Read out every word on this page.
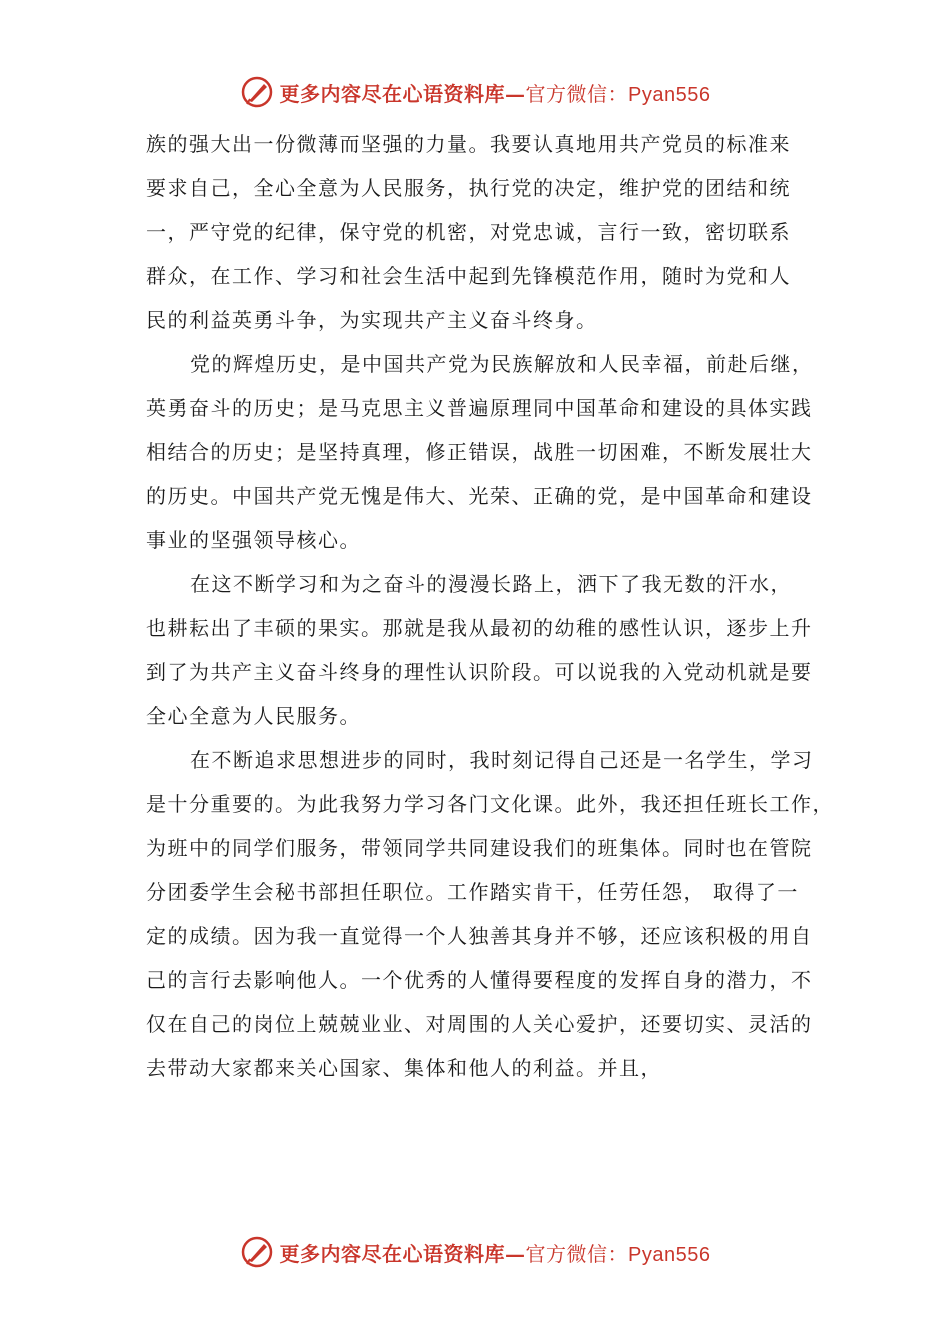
更多内容尽在心语资料库—官方微信：Pyan556
族的强大出一份微薄而坚强的力量。我要认真地用共产党员的标准来
要求自己，全心全意为人民服务，执行党的决定，维护党的团结和统
一，严守党的纪律，保守党的机密，对党忠诚，言行一致，密切联系
群众，在工作、学习和社会生活中起到先锋模范作用，随时为党和人
民的利益英勇斗争，为实现共产主义奋斗终身。
党的辉煌历史，是中国共产党为民族解放和人民幸福，前赴后继，
英勇奋斗的历史；是马克思主义普遍原理同中国革命和建设的具体实践
相结合的历史；是坚持真理，修正错误，战胜一切困难，不断发展壮大
的历史。中国共产党无愧是伟大、光荣、正确的党，是中国革命和建设
事业的坚强领导核心。
在这不断学习和为之奋斗的漫漫长路上，洒下了我无数的汗水，
也耕耘出了丰硕的果实。那就是我从最初的幼稚的感性认识，逐步上升
到了为共产主义奋斗终身的理性认识阶段。可以说我的入党动机就是要
全心全意为人民服务。
在不断追求思想进步的同时，我时刻记得自己还是一名学生，学习
是十分重要的。为此我努力学习各门文化课。此外，我还担任班长工作，
为班中的同学们服务，带领同学共同建设我们的班集体。同时也在管院
分团委学生会秘书部担任职位。工作踏实肯干，任劳任怨， 取得了一
定的成绩。因为我一直觉得一个人独善其身并不够，还应该积极的用自
己的言行去影响他人。一个优秀的人懂得要程度的发挥自身的潜力，不
仅在自己的岗位上兢兢业业、对周围的人关心爱护，还要切实、灵活的
去带动大家都来关心国家、集体和他人的利益。并且，
更多内容尽在心语资料库—官方微信：Pyan556
